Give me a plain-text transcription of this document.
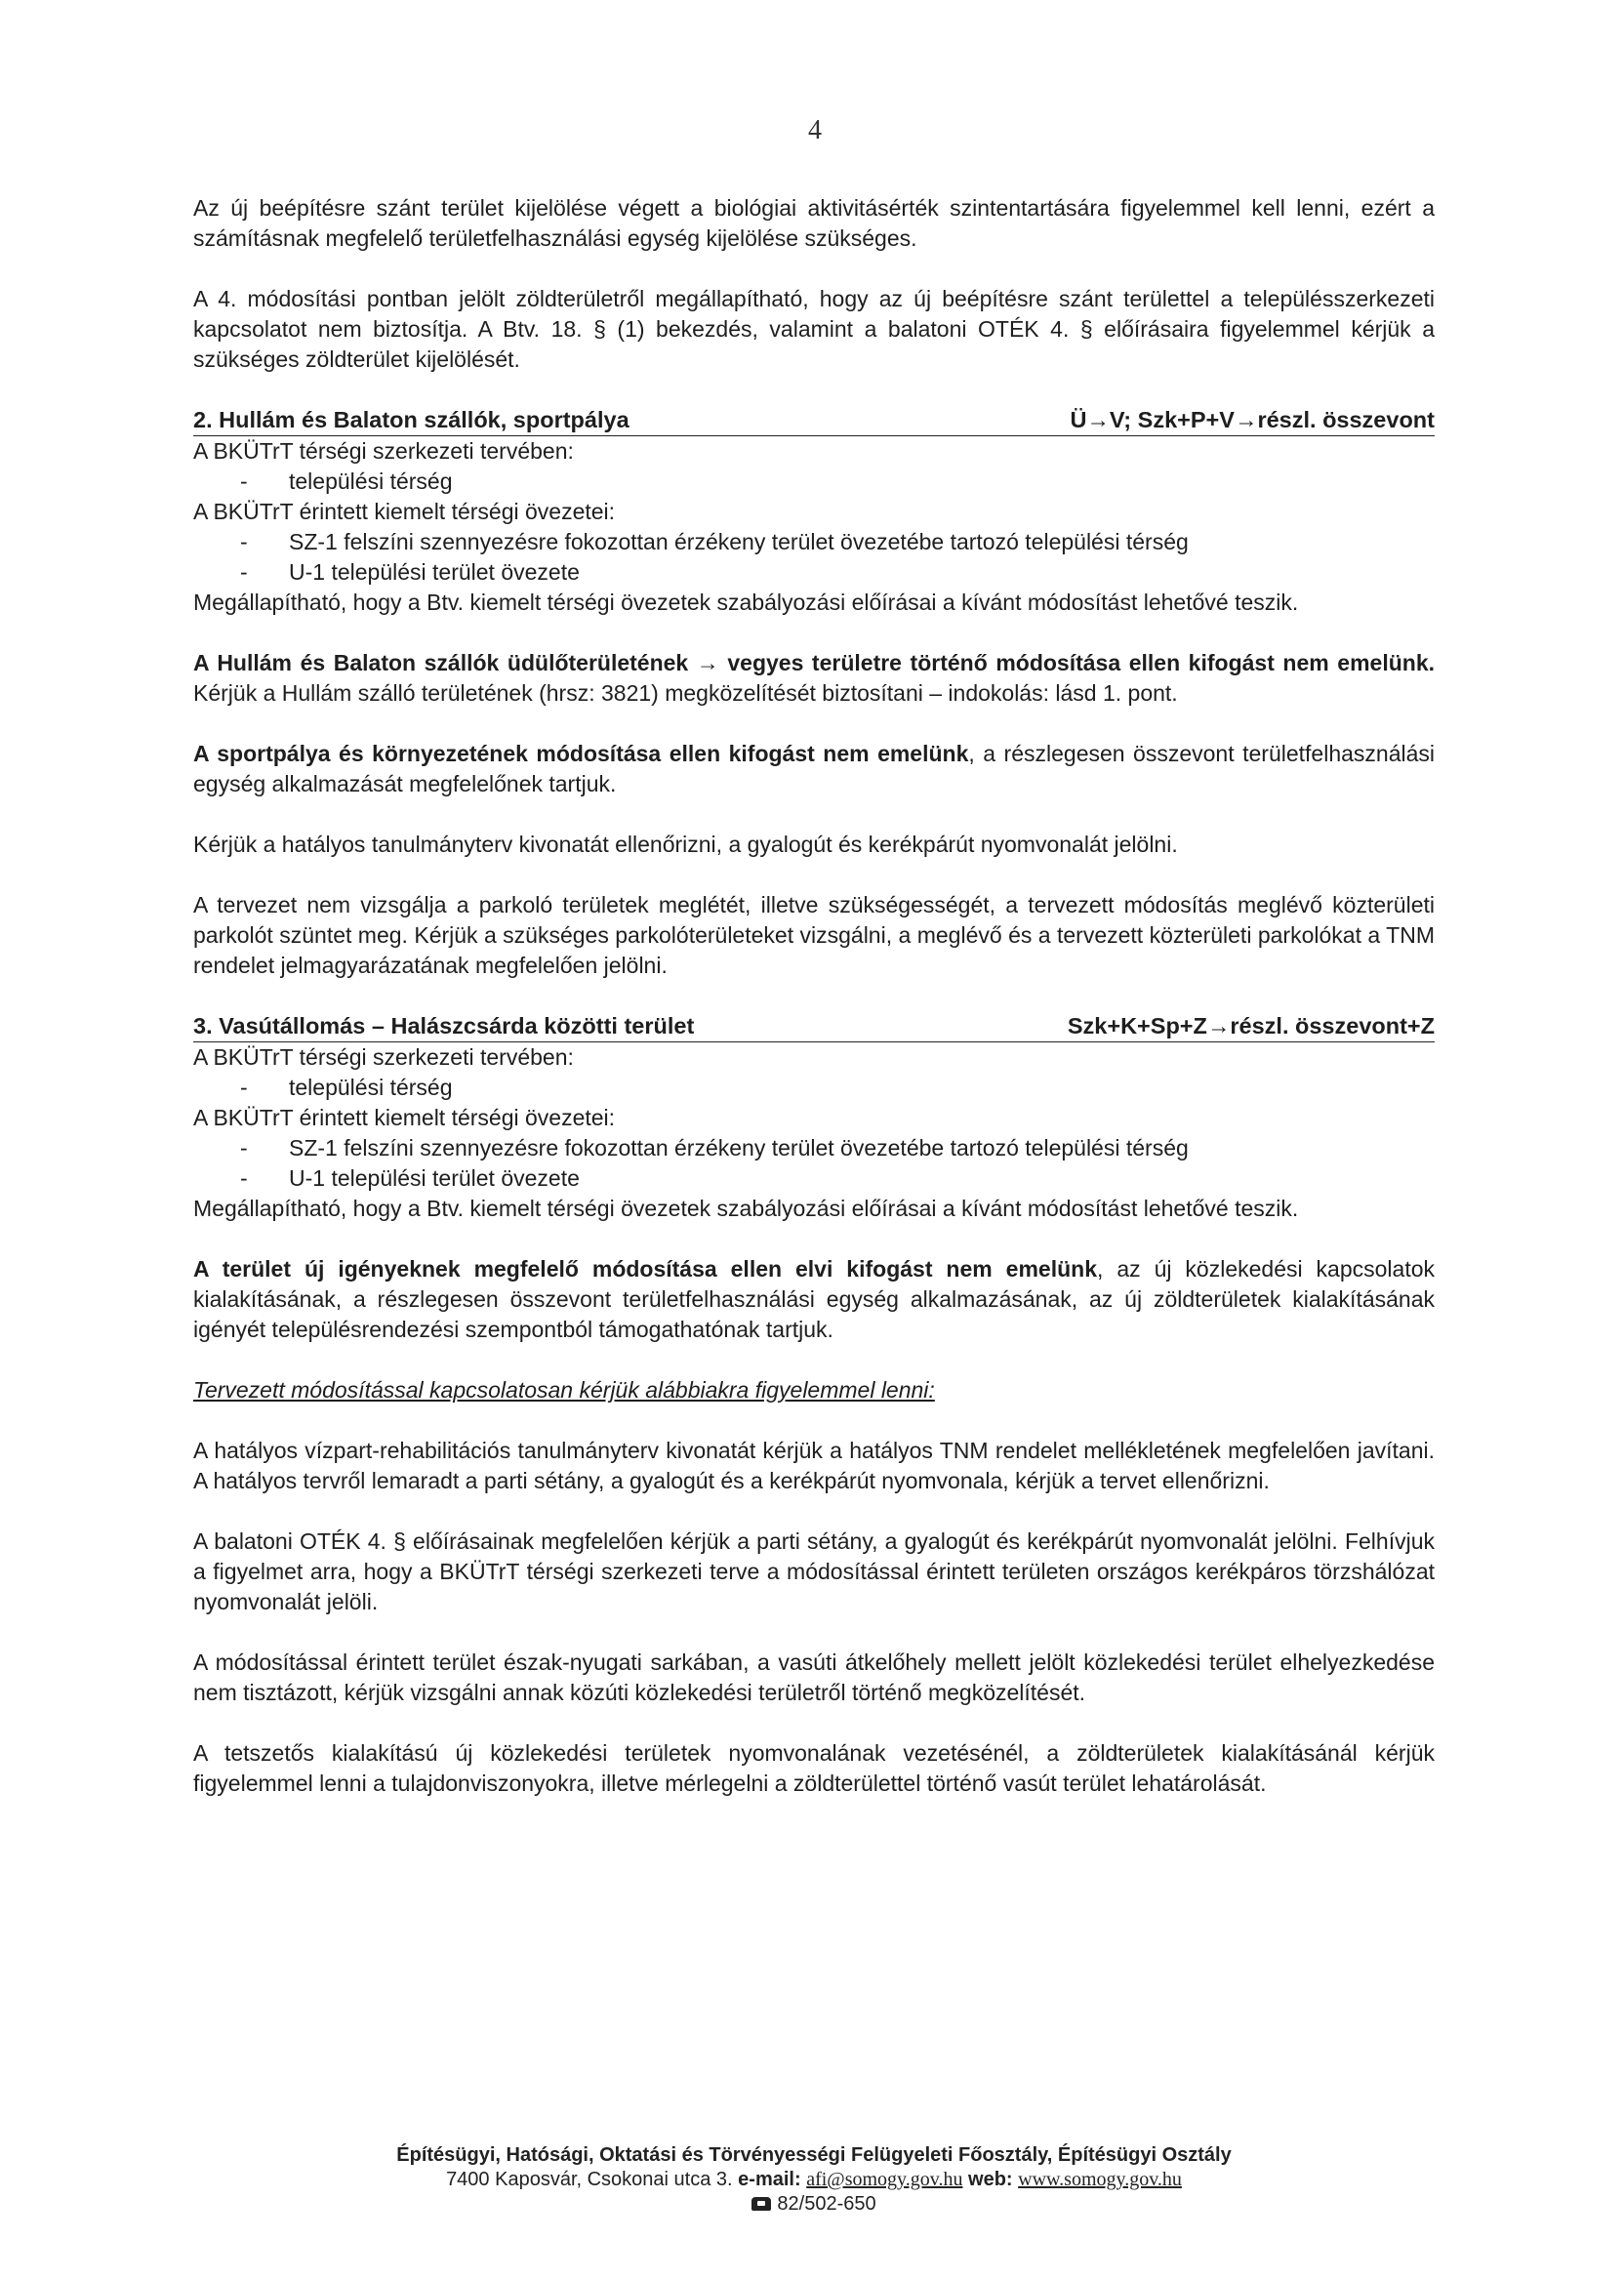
4

Az új beépítésre szánt terület kijelölése végett a biológiai aktivitásérték szintentartására figyelemmel kell lenni, ezért a számításnak megfelelő területfelhasználási egység kijelölése szükséges.

A 4. módosítási pontban jelölt zöldterületről megállapítható, hogy az új beépítésre szánt területtel a településszerkezeti kapcsolatot nem biztosítja. A Btv. 18. § (1) bekezdés, valamint a balatoni OTÉK 4. § előírásaira figyelemmel kérjük a szükséges zöldterület kijelölését.

2. Hullám és Balaton szállók, sportpálya	Ü→V; Szk+P+V→részl. összevont
A BKÜTrT térségi szerkezeti tervében:
-	települési térség
A BKÜTrT érintett kiemelt térségi övezetei:
-	SZ-1 felszíni szennyezésre fokozottan érzékeny terület övezetébe tartozó települési térség
-	U-1 települési terület övezete

Megállapítható, hogy a Btv. kiemelt térségi övezetek szabályozási előírásai a kívánt módosítást lehetővé teszik.

A Hullám és Balaton szállók üdülőterületének → vegyes területre történő módosítása ellen kifogást nem emelünk. Kérjük a Hullám szálló területének (hrsz: 3821) megközelítését biztosítani – indokolás: lásd 1. pont.

A sportpálya és környezetének módosítása ellen kifogást nem emelünk, a részlegesen összevont területfelhasználási egység alkalmazását megfelelőnek tartjuk.

Kérjük a hatályos tanulmányterv kivonatát ellenőrizni, a gyalogút és kerékpárút nyomvonalát jelölni.

A tervezet nem vizsgálja a parkoló területek meglétét, illetve szükségességét, a tervezett módosítás meglévő közterületi parkolót szüntet meg. Kérjük a szükséges parkolóterületeket vizsgálni, a meglévő és a tervezett közterületi parkolókat a TNM rendelet jelmagyarázatának megfelelően jelölni.

3. Vasútállomás – Halászcsárda közötti terület	Szk+K+Sp+Z→részl. összevont+Z
A BKÜTrT térségi szerkezeti tervében:
-	települési térség
A BKÜTrT érintett kiemelt térségi övezetei:
-	SZ-1 felszíni szennyezésre fokozottan érzékeny terület övezetébe tartozó települési térség
-	U-1 települési terület övezete

Megállapítható, hogy a Btv. kiemelt térségi övezetek szabályozási előírásai a kívánt módosítást lehetővé teszik.

A terület új igényeknek megfelelő módosítása ellen elvi kifogást nem emelünk, az új közlekedési kapcsolatok kialakításának, a részlegesen összevont területfelhasználási egység alkalmazásának, az új zöldterületek kialakításának igényét településrendezési szempontból támogathatónak tartjuk.

Tervezett módosítással kapcsolatosan kérjük alábbiakra figyelemmel lenni:

A hatályos vízpart-rehabilitációs tanulmányterv kivonatát kérjük a hatályos TNM rendelet mellékletének megfelelően javítani. A hatályos tervről lemaradt a parti sétány, a gyalogút és a kerékpárút nyomvonala, kérjük a tervet ellenőrizni.

A balatoni OTÉK 4. § előírásainak megfelelően kérjük a parti sétány, a gyalogút és kerékpárút nyomvonalát jelölni. Felhívjuk a figyelmet arra, hogy a BKÜTrT térségi szerkezeti terve a módosítással érintett területen országos kerékpáros törzshálózat nyomvonalát jelöli.

A módosítással érintett terület észak-nyugati sarkában, a vasúti átkelőhely mellett jelölt közlekedési terület elhelyezkedése nem tisztázott, kérjük vizsgálni annak közúti közlekedési területről történő megközelítését.

A tetszetős kialakítású új közlekedési területek nyomvonalának vezetésénél, a zöldterületek kialakításánál kérjük figyelemmel lenni a tulajdonviszonyokra, illetve mérlegelni a zöldterülettel történő vasút terület lehatárolását.

Építésügyi, Hatósági, Oktatási és Törvényességi Felügyeleti Főosztály, Építésügyi Osztály
7400 Kaposvár, Csokonai utca 3. e-mail: afi@somogy.gov.hu web: www.somogy.gov.hu
82/502-650
